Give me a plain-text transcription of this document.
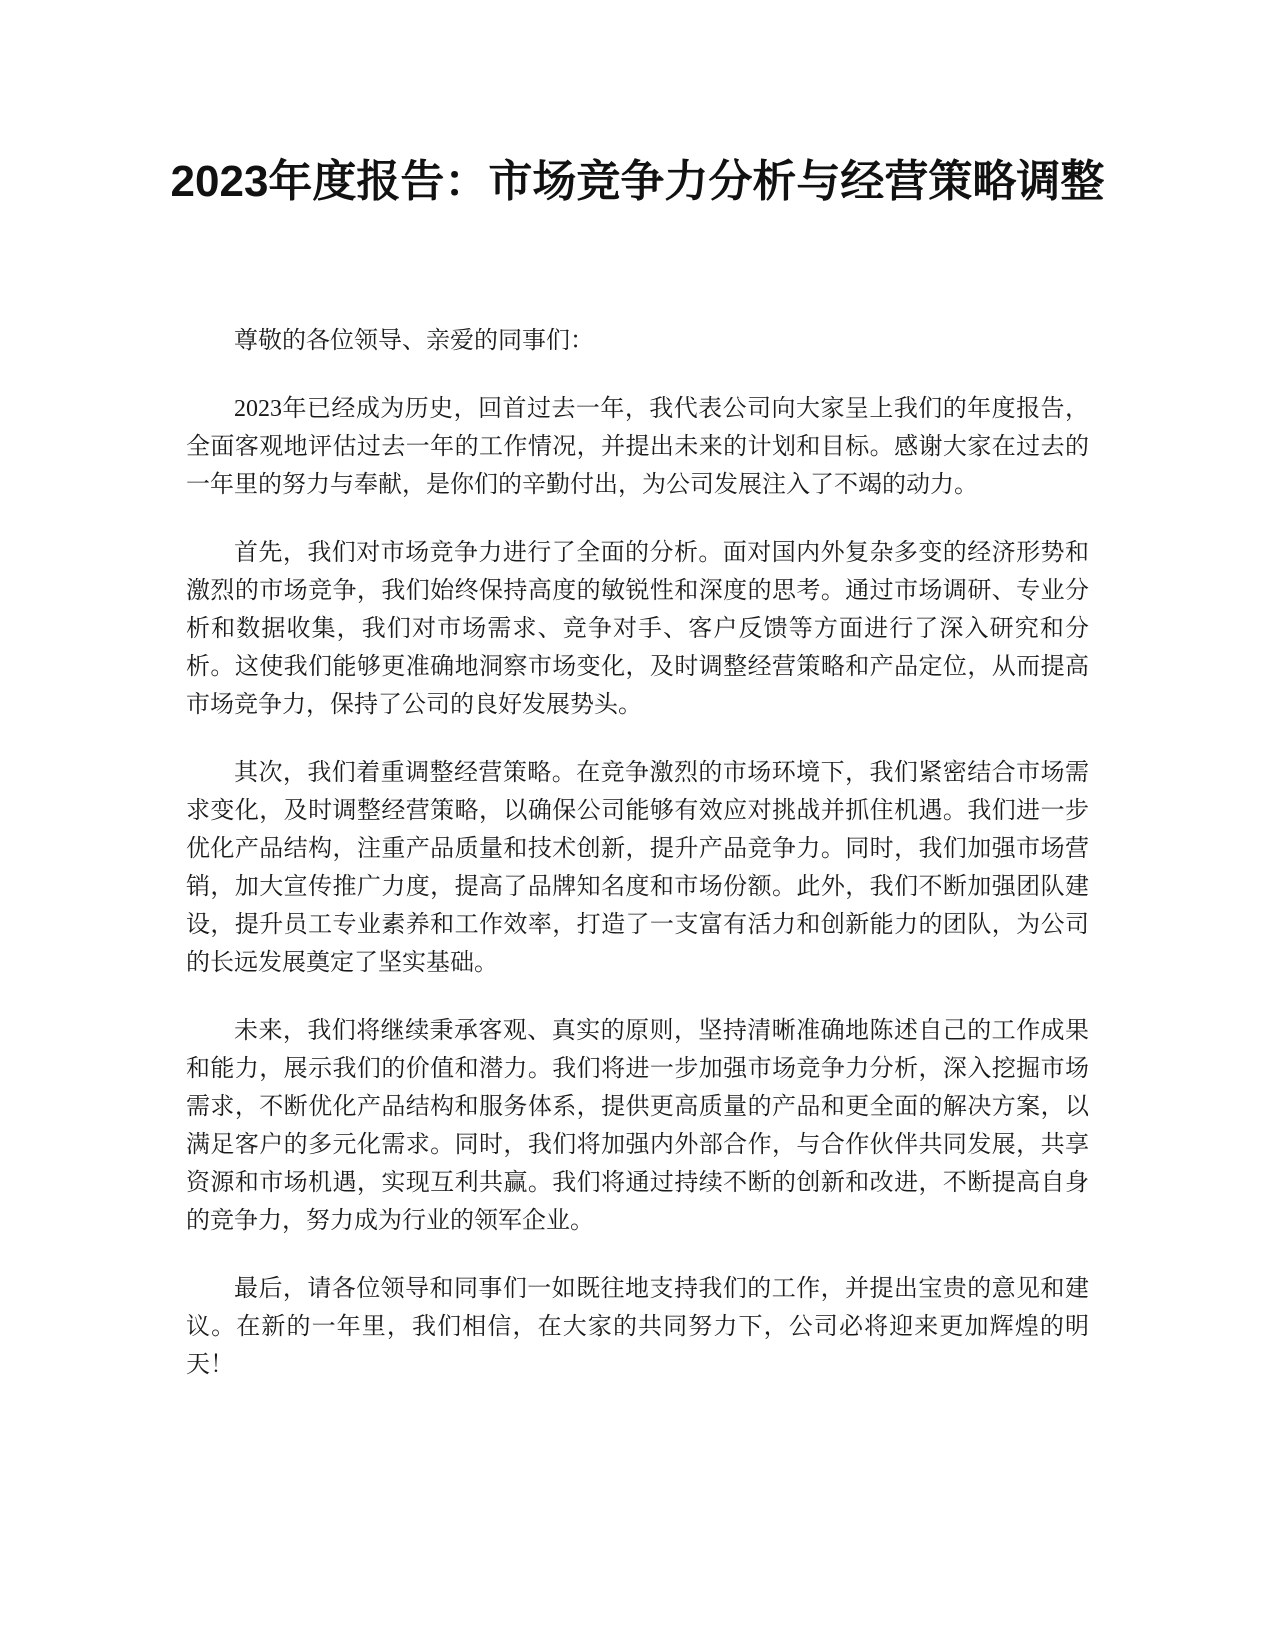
2023年度报告：市场竞争力分析与经营策略调整

尊敬的各位领导、亲爱的同事们：

2023年已经成为历史，回首过去一年，我代表公司向大家呈上我们的年度报告，全面客观地评估过去一年的工作情况，并提出未来的计划和目标。感谢大家在过去的一年里的努力与奉献，是你们的辛勤付出，为公司发展注入了不竭的动力。

首先，我们对市场竞争力进行了全面的分析。面对国内外复杂多变的经济形势和激烈的市场竞争，我们始终保持高度的敏锐性和深度的思考。通过市场调研、专业分析和数据收集，我们对市场需求、竞争对手、客户反馈等方面进行了深入研究和分析。这使我们能够更准确地洞察市场变化，及时调整经营策略和产品定位，从而提高市场竞争力，保持了公司的良好发展势头。

其次，我们着重调整经营策略。在竞争激烈的市场环境下，我们紧密结合市场需求变化，及时调整经营策略，以确保公司能够有效应对挑战并抓住机遇。我们进一步优化产品结构，注重产品质量和技术创新，提升产品竞争力。同时，我们加强市场营销，加大宣传推广力度，提高了品牌知名度和市场份额。此外，我们不断加强团队建设，提升员工专业素养和工作效率，打造了一支富有活力和创新能力的团队，为公司的长远发展奠定了坚实基础。

未来，我们将继续秉承客观、真实的原则，坚持清晰准确地陈述自己的工作成果和能力，展示我们的价值和潜力。我们将进一步加强市场竞争力分析，深入挖掘市场需求，不断优化产品结构和服务体系，提供更高质量的产品和更全面的解决方案，以满足客户的多元化需求。同时，我们将加强内外部合作，与合作伙伴共同发展，共享资源和市场机遇，实现互利共赢。我们将通过持续不断的创新和改进，不断提高自身的竞争力，努力成为行业的领军企业。

最后，请各位领导和同事们一如既往地支持我们的工作，并提出宝贵的意见和建议。在新的一年里，我们相信，在大家的共同努力下，公司必将迎来更加辉煌的明天！
